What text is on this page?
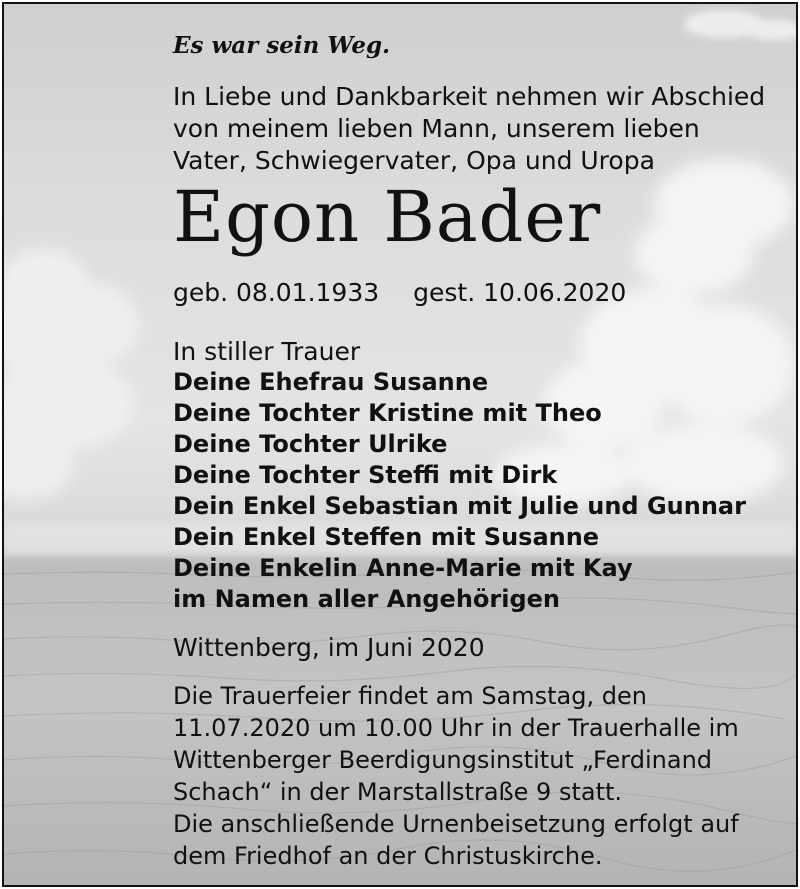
Es war sein Weg.
In Liebe und Dankbarkeit nehmen wir Abschied
von meinem lieben Mann, unserem lieben
Vater, Schwiegervater, Opa und Uropa
Egon Bader
geb. 08.01.1933 gest. 10.06.2020
In stiller Trauer
Deine Ehefrau Susanne
Deine Tochter Kristine mit Theo
Deine Tochter Ulrike
Deine Tochter Steffi mit Dirk
Dein Enkel Sebastian mit Julie und Gunnar
Dein Enkel Steffen mit Susanne
Deine Enkelin Anne-Marie mit Kay
im Namen aller Angehörigen
Wittenberg, im Juni 2020
Die Trauerfeier findet am Samstag, den
11.07.2020 um 10.00 Uhr in der Trauerhalle im
Wittenberger Beerdigungsinstitut „Ferdinand
Schach“ in der Marstallstraße 9 statt.
Die anschließende Urnenbeisetzung erfolgt auf
dem Friedhof an der Christuskirche.
